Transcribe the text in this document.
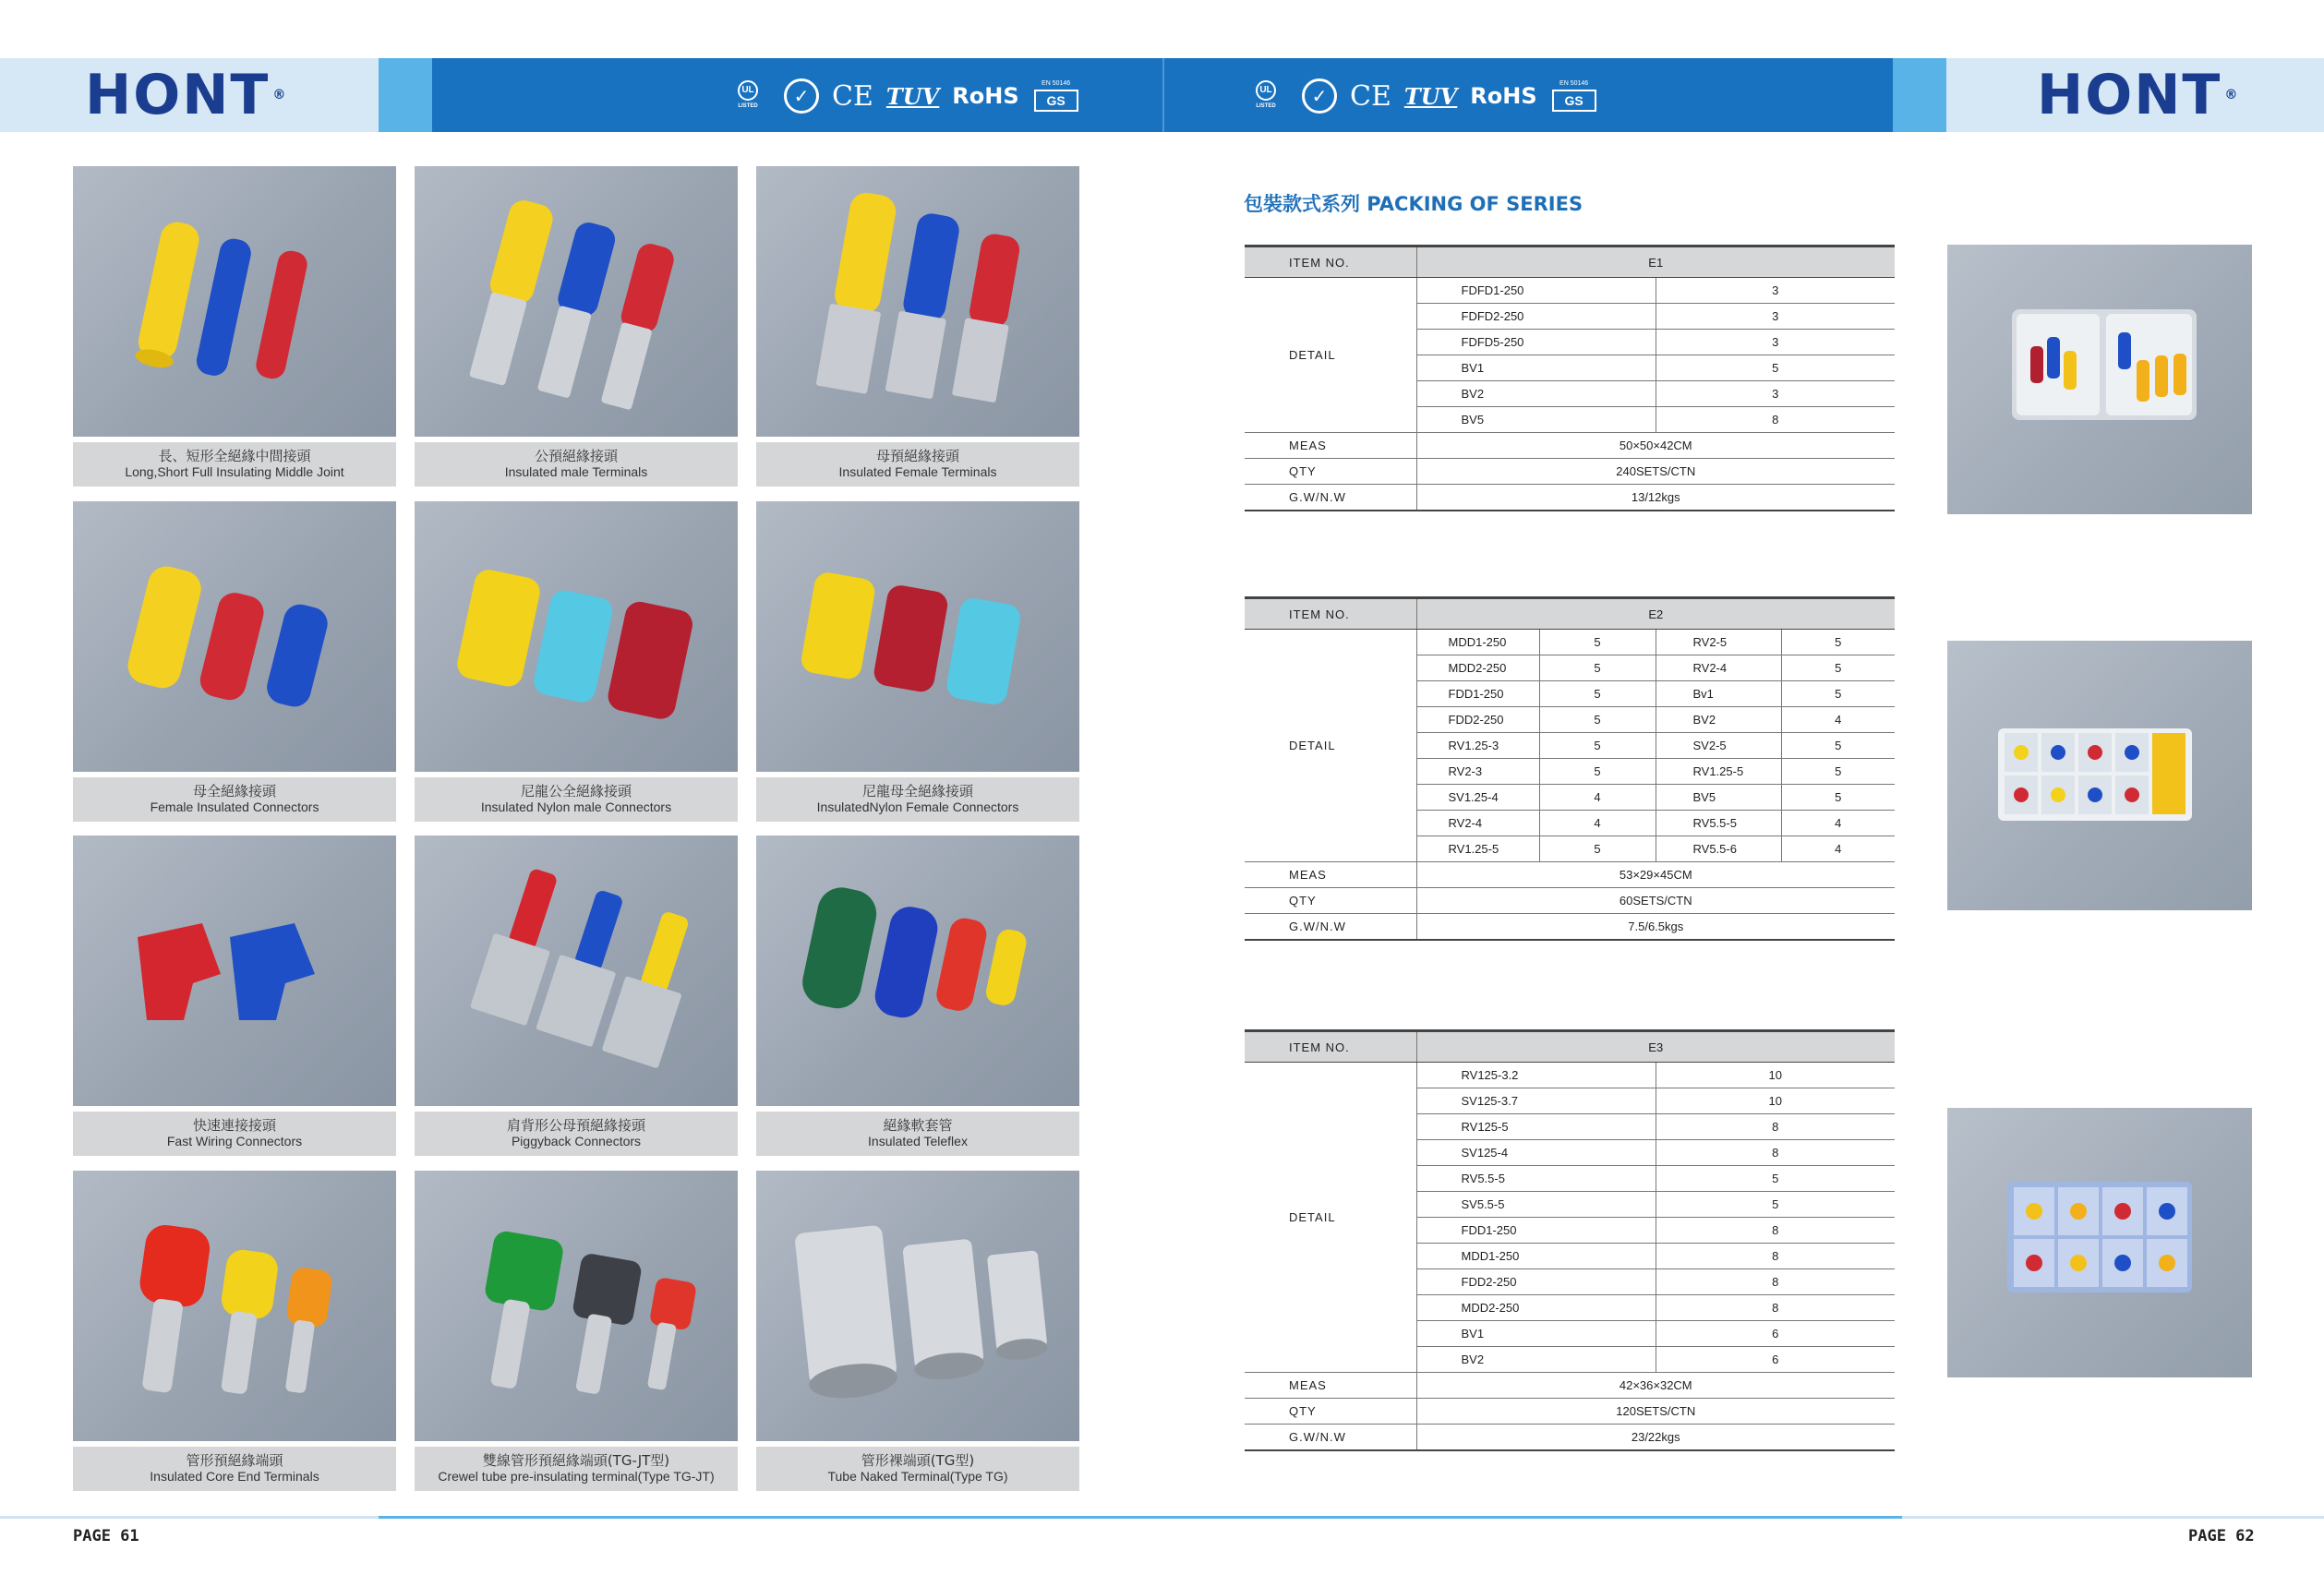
HONT ®	HONT ®
UL
LISTED	✓ CE TUV RoHS	EN 50146
GS
UL
LISTED	✓ CE TUV RoHS	EN 50146
GS
長、短形全絕緣中間接頭
Long,Short Full Insulating Middle Joint
公預絕緣接頭
Insulated male Terminals
母預絕緣接頭
Insulated Female Terminals
母全絕緣接頭
Female Insulated Connectors
尼龍公全絕緣接頭
Insulated Nylon male Connectors
尼龍母全絕緣接頭
InsulatedNylon Female Connectors
快速連接接頭
Fast Wiring Connectors
肩背形公母預絕緣接頭
Piggyback Connectors
絕緣軟套管
Insulated Teleflex
管形預絕緣端頭
Insulated Core End Terminals
雙線管形預絕緣端頭(TG-JT型)
Crewel tube pre-insulating terminal(Type TG-JT)
管形裸端頭(TG型)
Tube Naked Terminal(Type TG)
包裝款式系列 PACKING OF SERIES
ITEM NO.	E1	
DETAIL	FDFD1-250	3
	FDFD2-250	3
	FDFD5-250	3
	BV1	5
	BV2	3
	BV5	8
MEAS	50×50×42CM	
QTY	240SETS/CTN	
G.W/N.W	13/12kgs	
ITEM NO.	E2			
DETAIL	MDD1-250	5	RV2-5	5
	MDD2-250	5	RV2-4	5
	FDD1-250	5	Bv1	5
	FDD2-250	5	BV2	4
	RV1.25-3	5	SV2-5	5
	RV2-3	5	RV1.25-5	5
	SV1.25-4	4	BV5	5
	RV2-4	4	RV5.5-5	4
	RV1.25-5	5	RV5.5-6	4
MEAS	53×29×45CM			
QTY	60SETS/CTN			
G.W/N.W	7.5/6.5kgs			
ITEM NO.	E3	
DETAIL	RV125-3.2	10
	SV125-3.7	10
	RV125-5	8
	SV125-4	8
	RV5.5-5	5
	SV5.5-5	5
	FDD1-250	8
	MDD1-250	8
	FDD2-250	8
	MDD2-250	8
	BV1	6
	BV2	6
MEAS	42×36×32CM	
QTY	120SETS/CTN	
G.W/N.W	23/22kgs	
PAGE 61	PAGE 62
